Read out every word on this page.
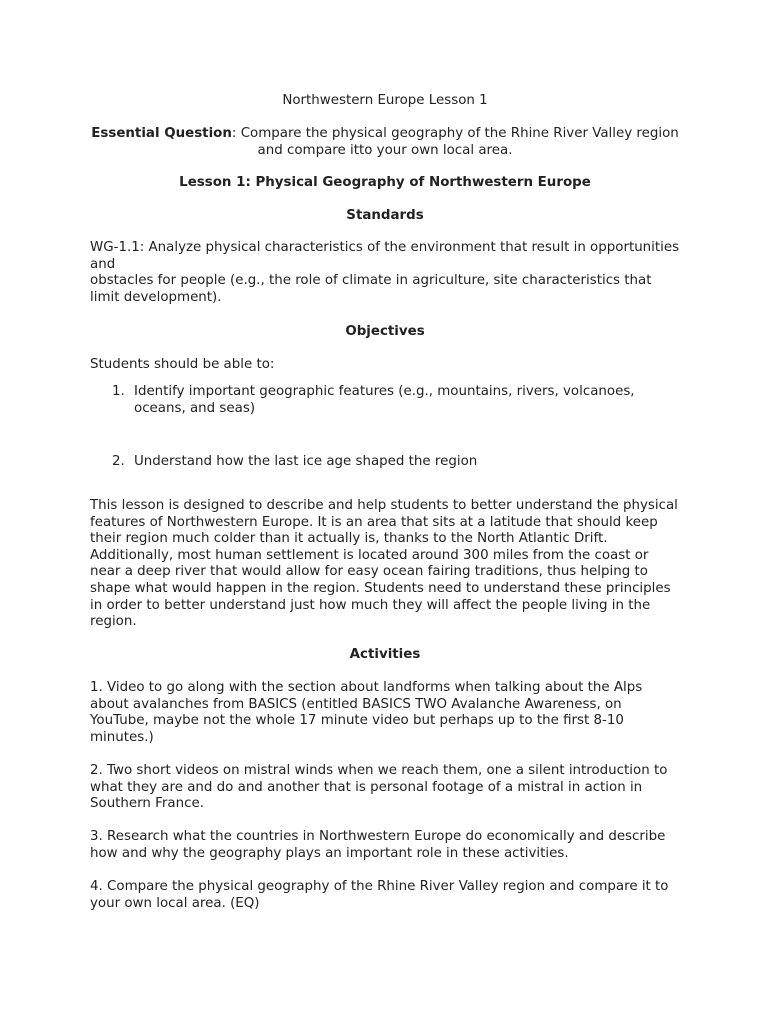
Northwestern Europe Lesson 1

Essential Question: Compare the physical geography of the Rhine River Valley region and compare itto your own local area.

Lesson 1: Physical Geography of Northwestern Europe

Standards

WG-1.1: Analyze physical characteristics of the environment that result in opportunities and
obstacles for people (e.g., the role of climate in agriculture, site characteristics that limit development).

Objectives

Students should be able to:

1. Identify important geographic features (e.g., mountains, rivers, volcanoes, oceans, and seas)
2. Understand how the last ice age shaped the region

This lesson is designed to describe and help students to better understand the physical features of Northwestern Europe. It is an area that sits at a latitude that should keep their region much colder than it actually is, thanks to the North Atlantic Drift. Additionally, most human settlement is located around 300 miles from the coast or near a deep river that would allow for easy ocean fairing traditions, thus helping to shape what would happen in the region. Students need to understand these principles in order to better understand just how much they will affect the people living in the region.

Activities

1. Video to go along with the section about landforms when talking about the Alps about avalanches from BASICS (entitled BASICS TWO Avalanche Awareness, on YouTube, maybe not the whole 17 minute video but perhaps up to the first 8-10 minutes.)

2. Two short videos on mistral winds when we reach them, one a silent introduction to what they are and do and another that is personal footage of a mistral in action in Southern France.

3. Research what the countries in Northwestern Europe do economically and describe how and why the geography plays an important role in these activities.

4. Compare the physical geography of the Rhine River Valley region and compare it to your own local area. (EQ)
